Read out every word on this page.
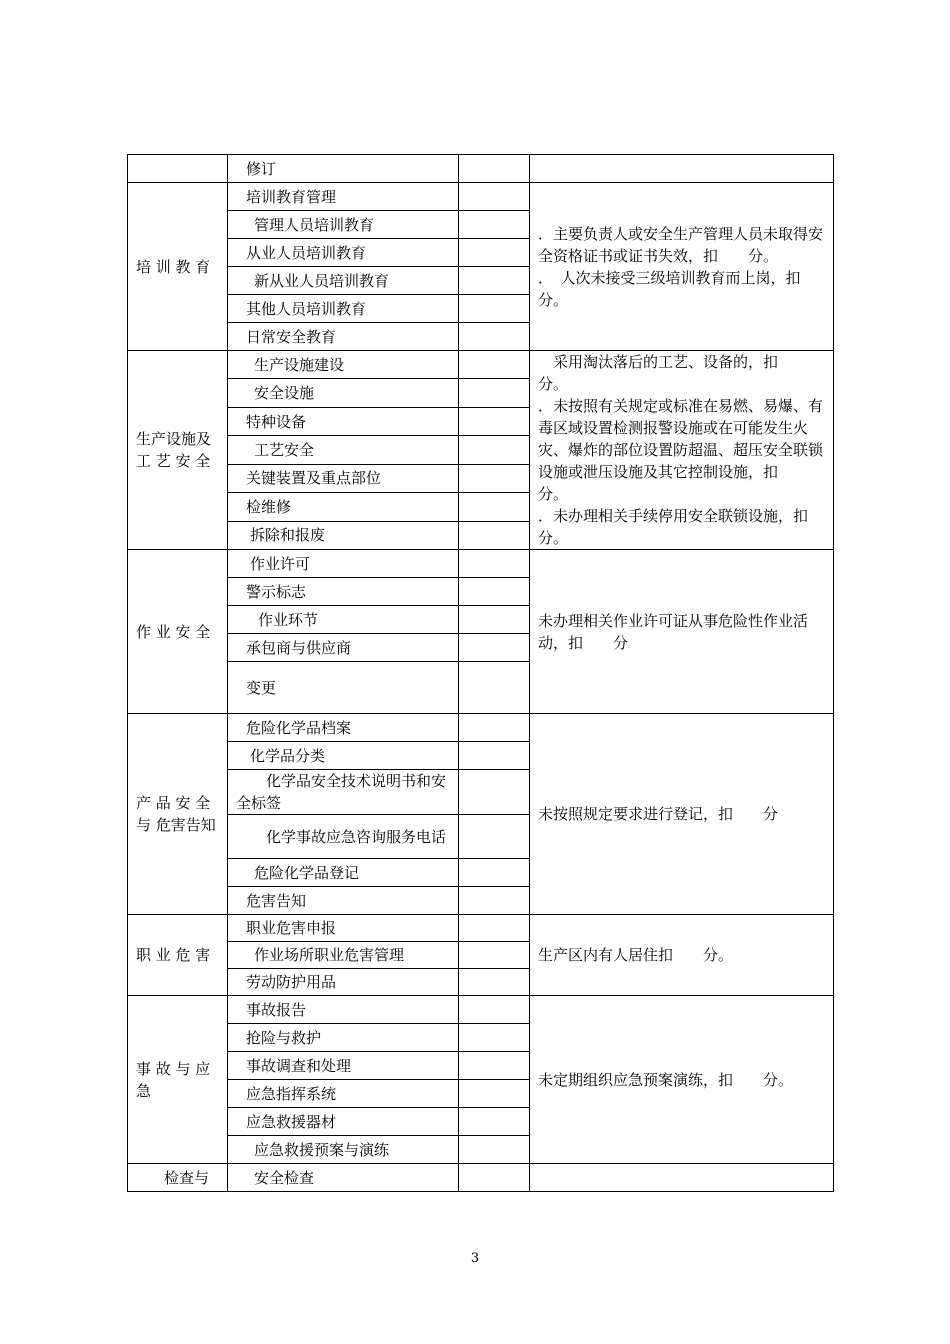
	修订		

培 训 教 育	培训教育管理		．主要负责人或安全生产管理人员未取得安全资格证书或证书失效，扣　　分。
．　人次未接受三级培训教育而上岗，扣　　分。

	管理人员培训教育		
	从业人员培训教育		
	新从业人员培训教育		
	其他人员培训教育		
	日常安全教育		

生产设施及 工 艺 安 全	生产设施建设		　采用淘汰落后的工艺、设备的，扣　　分。
．未按照有关规定或标准在易燃、易爆、有毒区域设置检测报警设施或在可能发生火灾、爆炸的部位设置防超温、超压安全联锁设施或泄压设施及其它控制设施，扣　　分。
．未办理相关手续停用安全联锁设施，扣　　分。

	安全设施		
	特种设备		
	工艺安全		
	关键装置及重点部位		
	检维修		
	拆除和报废		

作 业 安 全	作业许可		未办理相关作业许可证从事危险性作业活动，扣　　分

	警示标志		
	作业环节		
	承包商与供应商		
	变更		

产 品 安 全与 危害告知	危险化学品档案		未按照规定要求进行登记，扣　　分

	化学品分类		
	化学品安全技术说明书和安全标签		
	化学事故应急咨询服务电话		
	危险化学品登记		
	危害告知		

职 业 危 害	职业危害申报		生产区内有人居住扣　　分。

	作业场所职业危害管理		
	劳动防护用品		

事 故 与 应急	事故报告		未定期组织应急预案演练，扣　　分。

	抢险与救护		
	事故调查和处理		
	应急指挥系统		
	应急救援器材		
	应急救援预案与演练		

检查与	安全检查		
3
